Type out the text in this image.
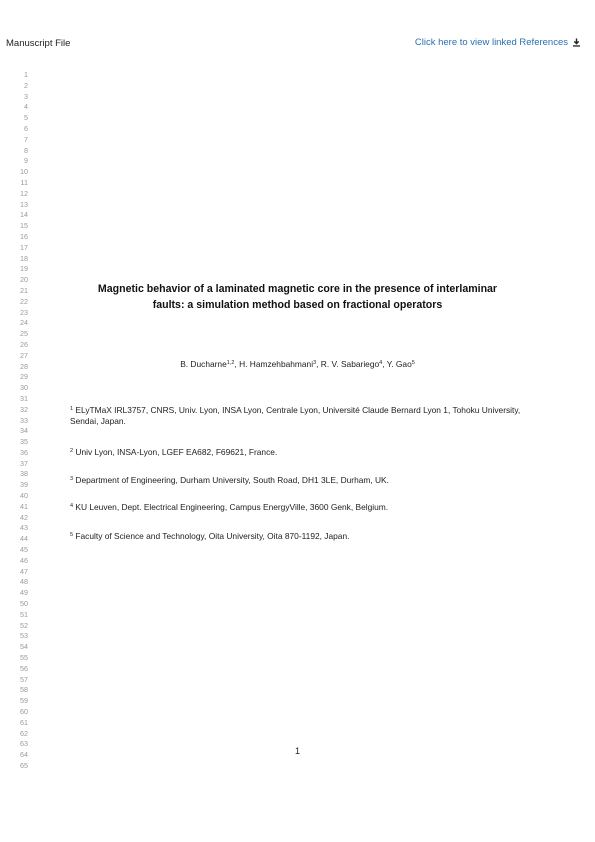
Manuscript File	Click here to view linked References
1
2
3
4
5
6
7
8
9
10
11
12
13
14
15
16
17
18
19
20
21
22
23
24
25
26
27
28
29
30
31
32
33
34
35
36
37
38
39
40
41
42
43
44
45
46
47
48
49
50
51
52
53
54
55
56
57
58
59
60
61
62
63
64
65
Magnetic behavior of a laminated magnetic core in the presence of interlaminar
faults: a simulation method based on fractional operators
B. Ducharne$^{1,2}$, H. Hamzehbahmani$^3$, R. V. Sabariego$^4$, Y. Gao$^5$
$^1$ ELyTMaX IRL3757, CNRS, Univ. Lyon, INSA Lyon, Centrale Lyon, Université Claude Bernard Lyon 1, Tohoku University, Sendai, Japan.
$^2$ Univ Lyon, INSA-Lyon, LGEF EA682, F69621, France.
$^3$ Department of Engineering, Durham University, South Road, DH1 3LE, Durham, UK.
$^4$ KU Leuven, Dept. Electrical Engineering, Campus EnergyVille, 3600 Genk, Belgium.
$^5$ Faculty of Science and Technology, Oita University, Oita 870-1192, Japan.
1
